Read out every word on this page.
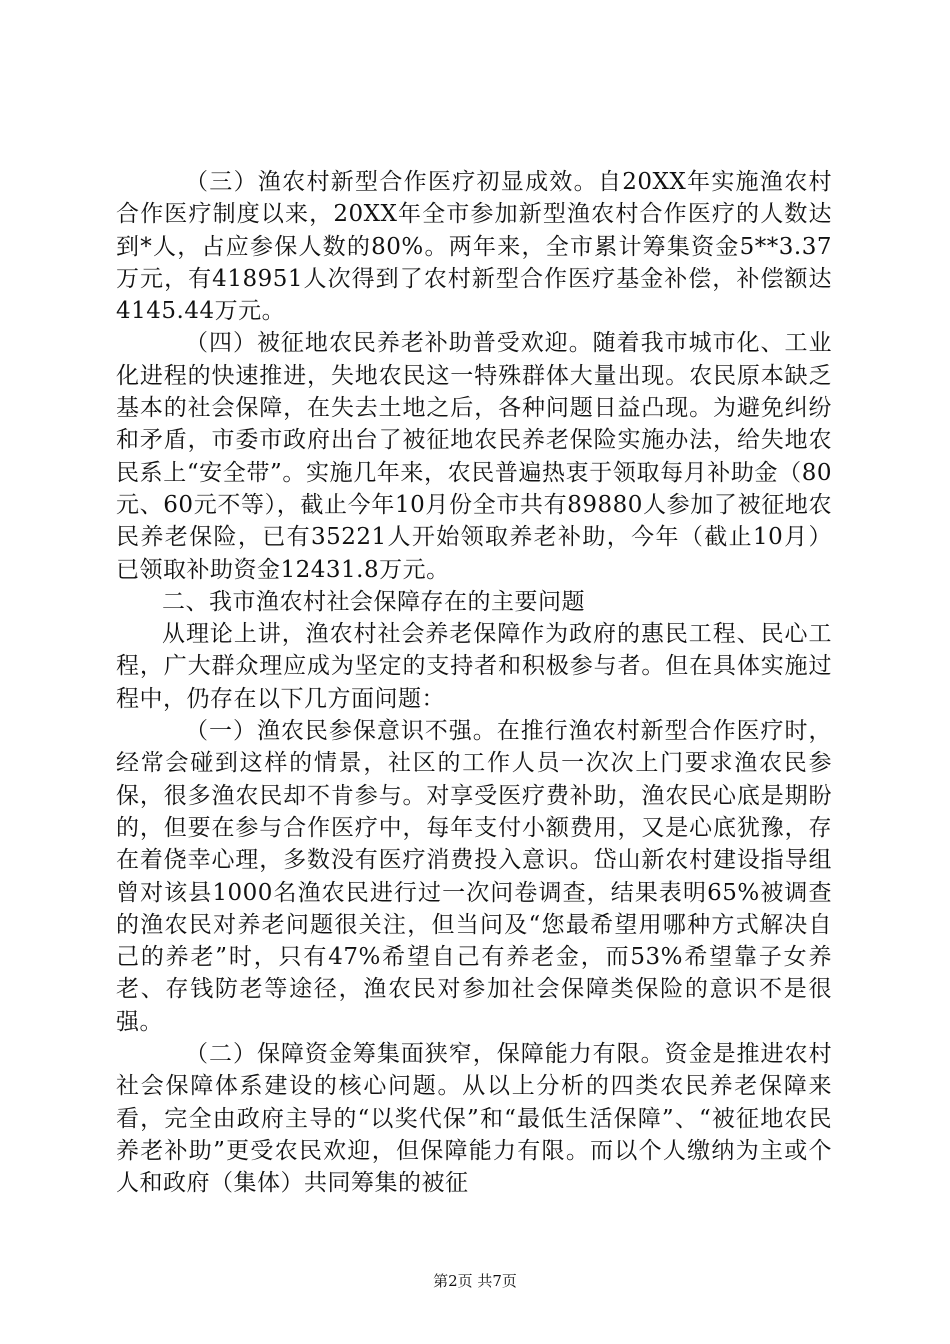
（三）渔农村新型合作医疗初显成效。自20XX年实施渔农村合作医疗制度以来，20XX年全市参加新型渔农村合作医疗的人数达到*人，占应参保人数的80%。两年来，全市累计筹集资金5**3.37万元，有418951人次得到了农村新型合作医疗基金补偿，补偿额达4145.44万元。

（四）被征地农民养老补助普受欢迎。随着我市城市化、工业化进程的快速推进，失地农民这一特殊群体大量出现。农民原本缺乏基本的社会保障，在失去土地之后，各种问题日益凸现。为避免纠纷和矛盾，市委市政府出台了被征地农民养老保险实施办法，给失地农民系上“安全带”。实施几年来，农民普遍热衷于领取每月补助金（80元、60元不等），截止今年10月份全市共有89880人参加了被征地农民养老保险，已有35221人开始领取养老补助，今年（截止10月）已领取补助资金12431.8万元。

二、我市渔农村社会保障存在的主要问题

从理论上讲，渔农村社会养老保障作为政府的惠民工程、民心工程，广大群众理应成为坚定的支持者和积极参与者。但在具体实施过程中，仍存在以下几方面问题：

（一）渔农民参保意识不强。在推行渔农村新型合作医疗时，经常会碰到这样的情景，社区的工作人员一次次上门要求渔农民参保，很多渔农民却不肯参与。对享受医疗费补助，渔农民心底是期盼的，但要在参与合作医疗中，每年支付小额费用，又是心底犹豫，存在着侥幸心理，多数没有医疗消费投入意识。岱山新农村建设指导组曾对该县1000名渔农民进行过一次问卷调查，结果表明65%被调查的渔农民对养老问题很关注，但当问及“您最希望用哪种方式解决自己的养老”时，只有47%希望自己有养老金，而53%希望靠子女养老、存钱防老等途径，渔农民对参加社会保障类保险的意识不是很强。

（二）保障资金筹集面狭窄，保障能力有限。资金是推进农村社会保障体系建设的核心问题。从以上分析的四类农民养老保障来看，完全由政府主导的“以奖代保”和“最低生活保障”、“被征地农民养老补助”更受农民欢迎，但保障能力有限。而以个人缴纳为主或个人和政府（集体）共同筹集的被征

第2页 共7页
